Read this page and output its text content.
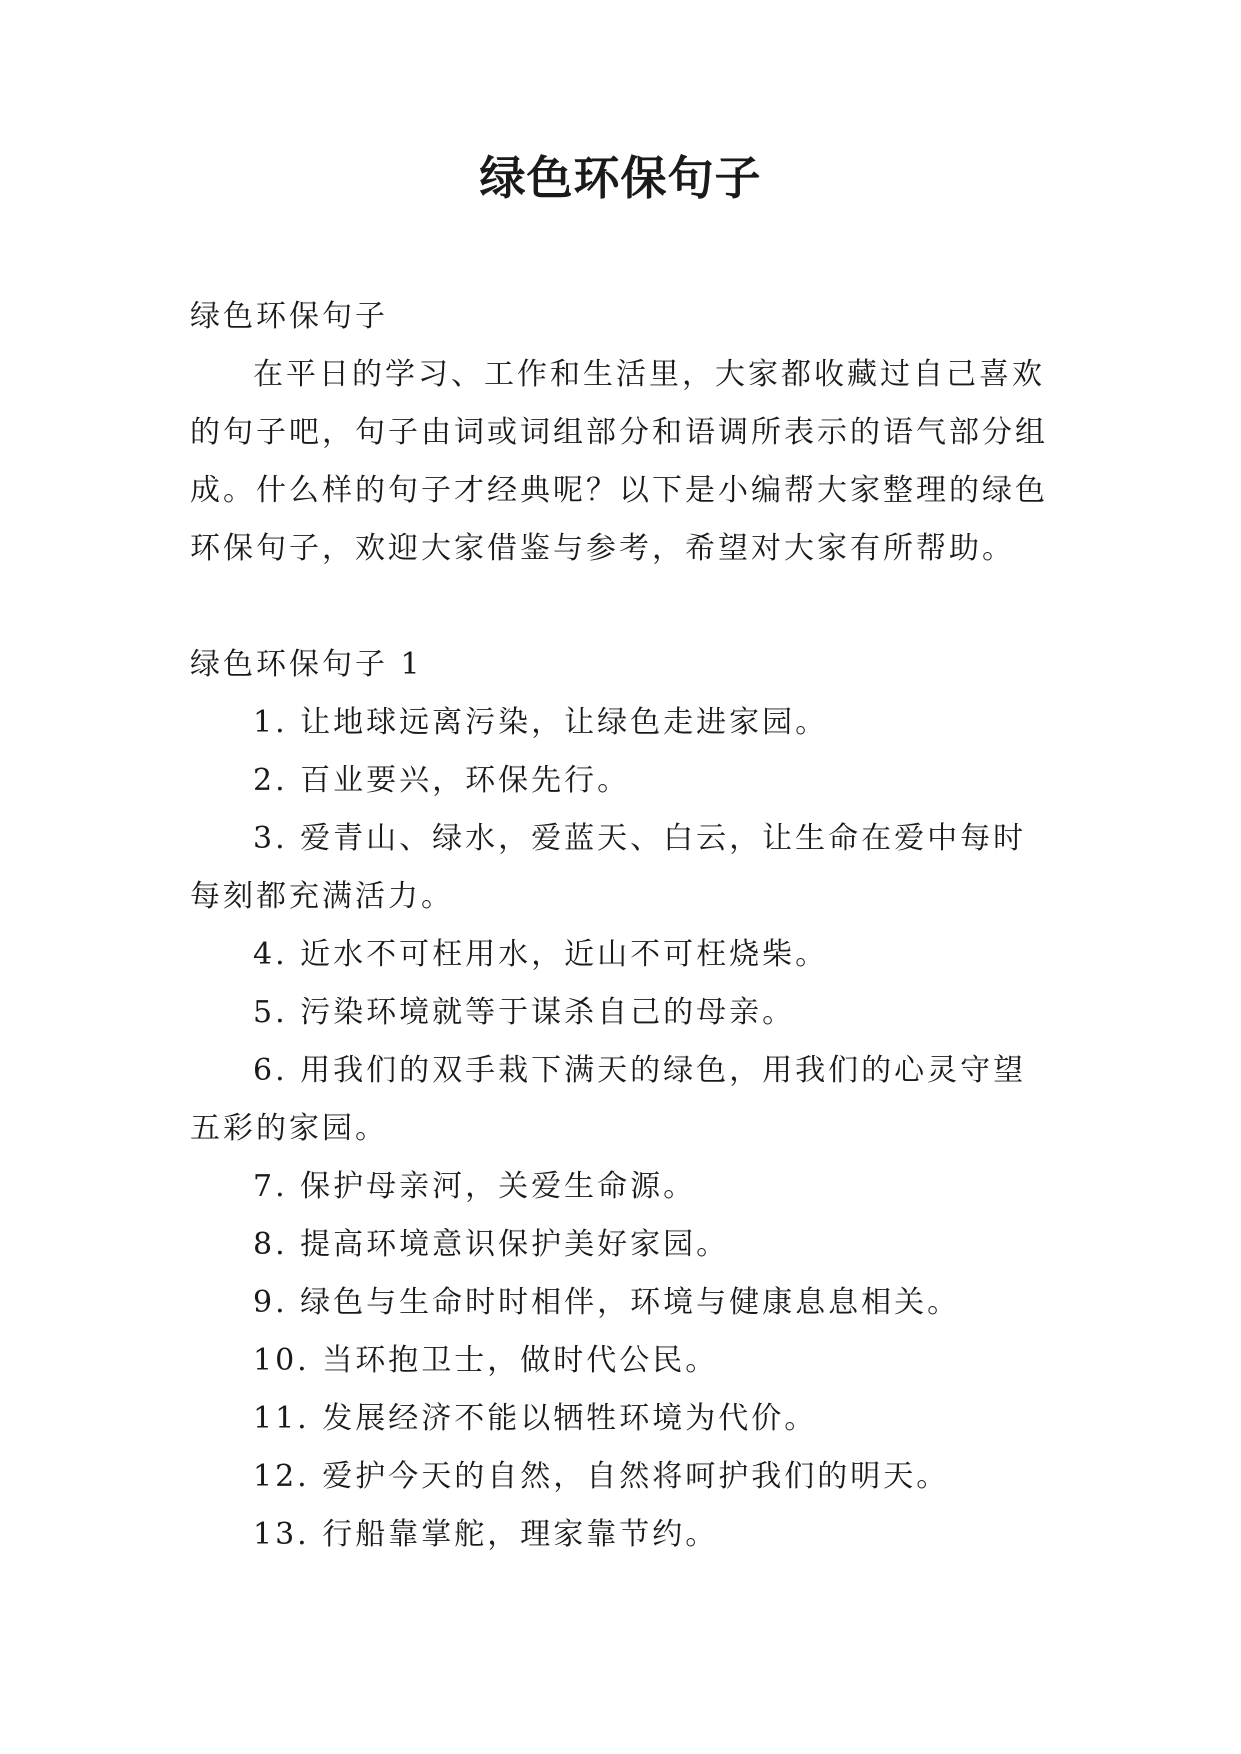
绿色环保句子

绿色环保句子

在平日的学习、工作和生活里，大家都收藏过自己喜欢的句子吧，句子由词或词组部分和语调所表示的语气部分组成。什么样的句子才经典呢？以下是小编帮大家整理的绿色环保句子，欢迎大家借鉴与参考，希望对大家有所帮助。

绿色环保句子 1

1. 让地球远离污染，让绿色走进家园。

2. 百业要兴，环保先行。

3. 爱青山、绿水，爱蓝天、白云，让生命在爱中每时每刻都充满活力。

4. 近水不可枉用水，近山不可枉烧柴。

5. 污染环境就等于谋杀自己的母亲。

6. 用我们的双手栽下满天的绿色，用我们的心灵守望五彩的家园。

7. 保护母亲河，关爱生命源。

8. 提高环境意识保护美好家园。

9. 绿色与生命时时相伴，环境与健康息息相关。

10. 当环抱卫士，做时代公民。

11. 发展经济不能以牺牲环境为代价。

12. 爱护今天的自然，自然将呵护我们的明天。

13. 行船靠掌舵，理家靠节约。
